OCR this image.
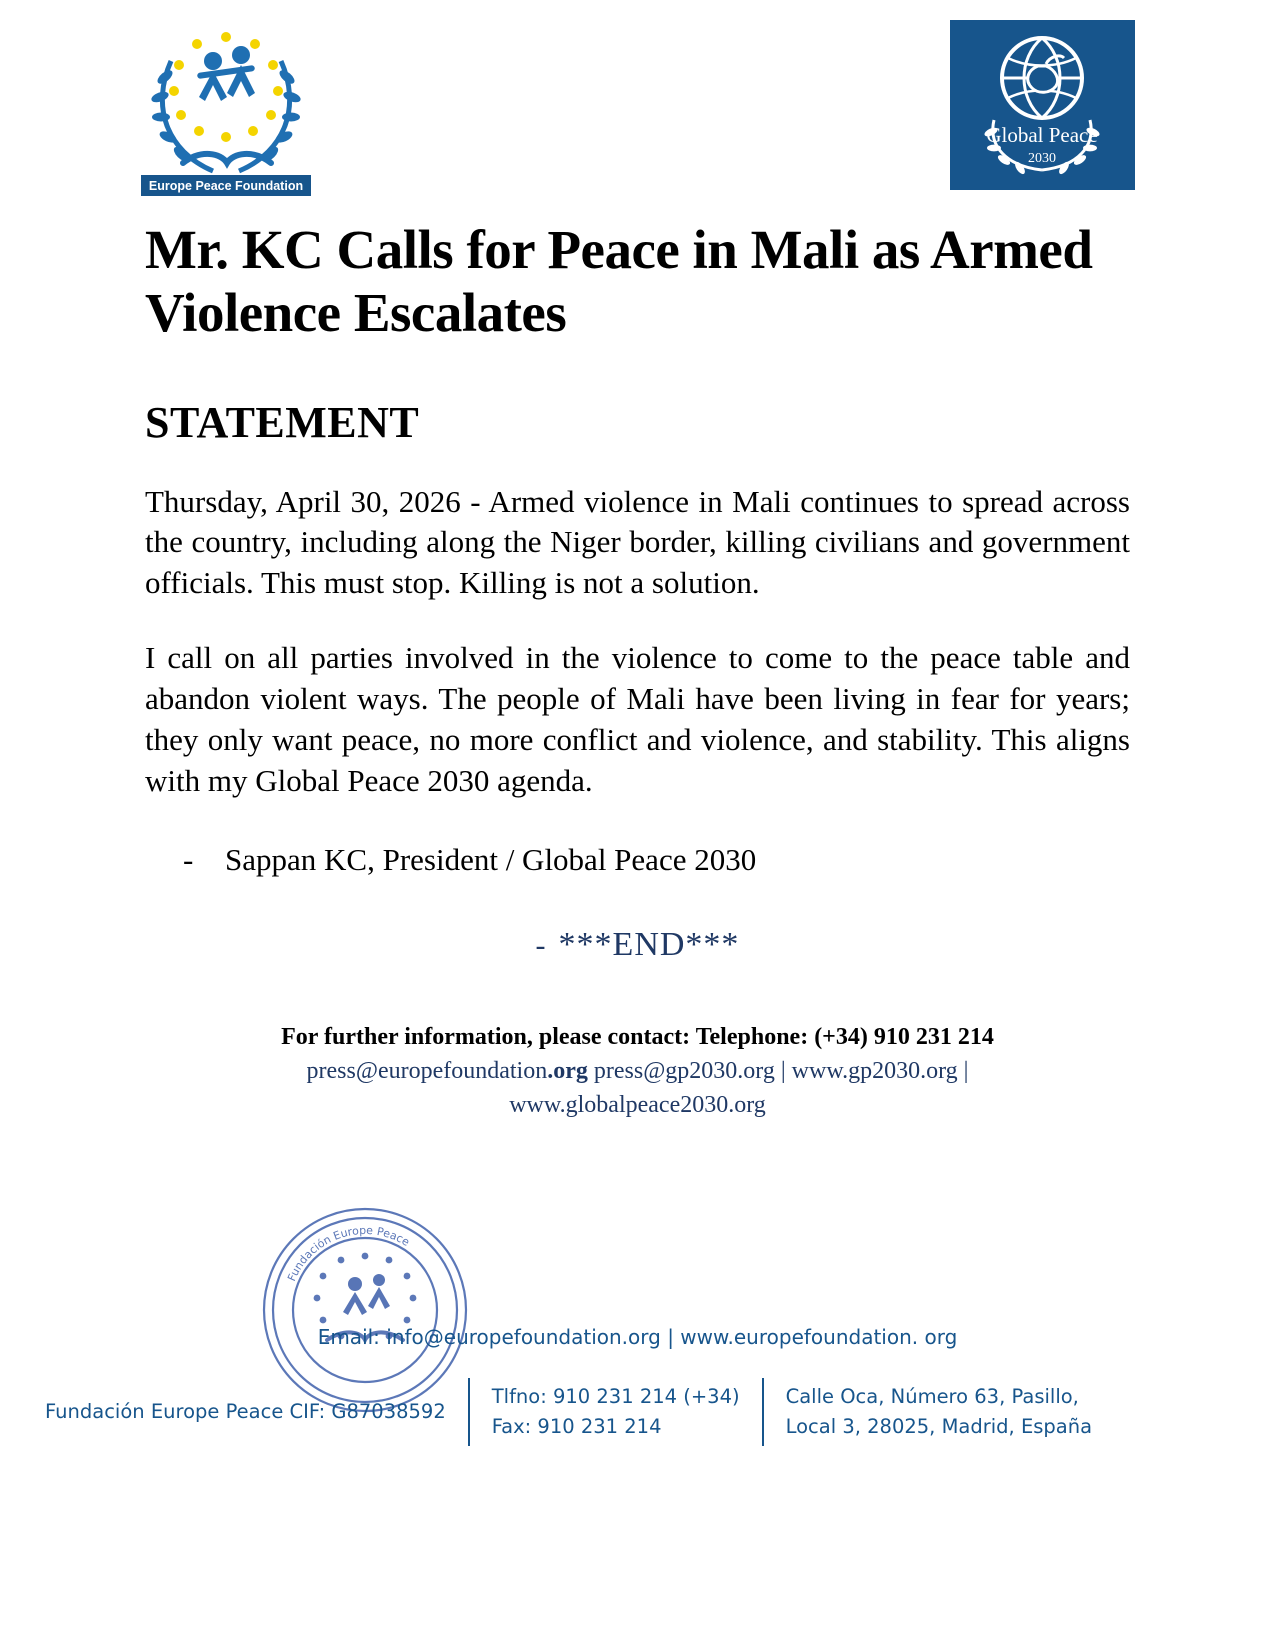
Europe Peace Foundation
Global Peace
2030
Mr. KC Calls for Peace in Mali as Armed Violence Escalates
STATEMENT

Thursday, April 30, 2026 - Armed violence in Mali continues to spread across the country, including along the Niger border, killing civilians and government officials. This must stop. Killing is not a solution.

I call on all parties involved in the violence to come to the peace table and abandon violent ways. The people of Mali have been living in fear for years; they only want peace, no more conflict and violence, and stability. This aligns with my Global Peace 2030 agenda.

- Sappan KC, President / Global Peace 2030
- ***END***
For further information, please contact: Telephone: (+34) 910 231 214
press@europefoundation.org press@gp2030.org | www.gp2030.org |
www.globalpeace2030.org
Fundación Europe Peace
Email: info@europefoundation.org | www.europefoundation. org
Fundación Europe Peace CIF: G87038592
Tlfno: 910 231 214 (+34)
Fax: 910 231 214
Calle Oca, Número 63, Pasillo,
Local 3, 28025, Madrid, España
